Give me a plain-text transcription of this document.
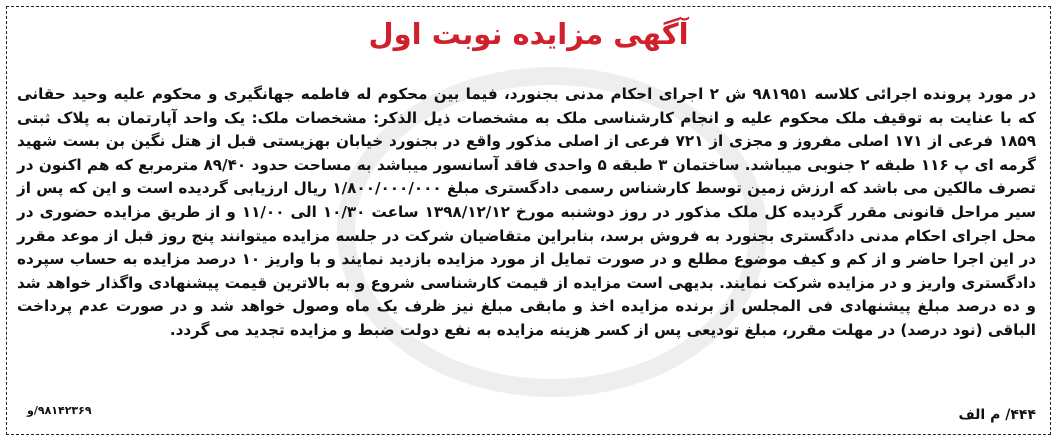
آگهی مزایده نوبت اول
در مورد پرونده اجرائی کلاسه ۹۸۱۹۵۱ ش ۲ اجرای احکام مدنی بجنورد، فیما بین محکوم له فاطمه جهانگیری و محکوم علیه وحید حقانی که با عنایت به توقیف ملک محکوم علیه و انجام کارشناسی ملک به مشخصات ذیل الذکر: مشخصات ملک: یک واحد آپارتمان به پلاک ثبتی ۱۸۵۹ فرعی از ۱۷۱ اصلی مفروز و مجزی از ۷۲۱ فرعی از اصلی مذکور واقع در بجنورد خیابان بهزیستی قبل از هتل نگین بن بست شهید گرمه ای پ ۱۱۶ طبقه ۲ جنوبی میباشد. ساختمان ۳ طبقه ۵ واحدی فاقد آسانسور میباشد به مساحت حدود ۸۹/۴۰ مترمربع که هم اکنون در تصرف مالکین می باشد که ارزش زمین توسط کارشناس رسمی دادگستری مبلغ ۱/۸۰۰/۰۰۰/۰۰۰ ریال ارزیابی گردیده است و این که پس از سیر مراحل قانونی مقرر گردیده کل ملک مذکور در روز دوشنبه مورخ ۱۳۹۸/۱۲/۱۲ ساعت ۱۰/۳۰ الی ۱۱/۰۰ و از طریق مزایده حضوری در محل اجرای احکام مدنی دادگستری بجنورد به فروش برسد، بنابراین متقاضیان شرکت در جلسه مزایده میتوانند پنج روز قبل از موعد مقرر در این اجرا حاضر و از کم و کیف موضوع مطلع و در صورت تمایل از مورد مزایده بازدید نمایند و با واریز ۱۰ درصد مزایده به حساب سپرده دادگستری واریز و در مزایده شرکت نمایند. بدیهی است مزایده از قیمت کارشناسی شروع و به بالاترین قیمت پیشنهادی واگذار خواهد شد و ده درصد مبلغ پیشنهادی فی المجلس از برنده مزایده اخذ و مابقی مبلغ نیز ظرف یک ماه وصول خواهد شد و در صورت عدم پرداخت الباقی (نود درصد) در مهلت مقرر، مبلغ تودیعی پس از کسر هزینه مزایده به نفع دولت ضبط و مزایده تجدید می گردد.
۹۸۱۴۲۳۶۹/و	۴۴۴/ م الف
